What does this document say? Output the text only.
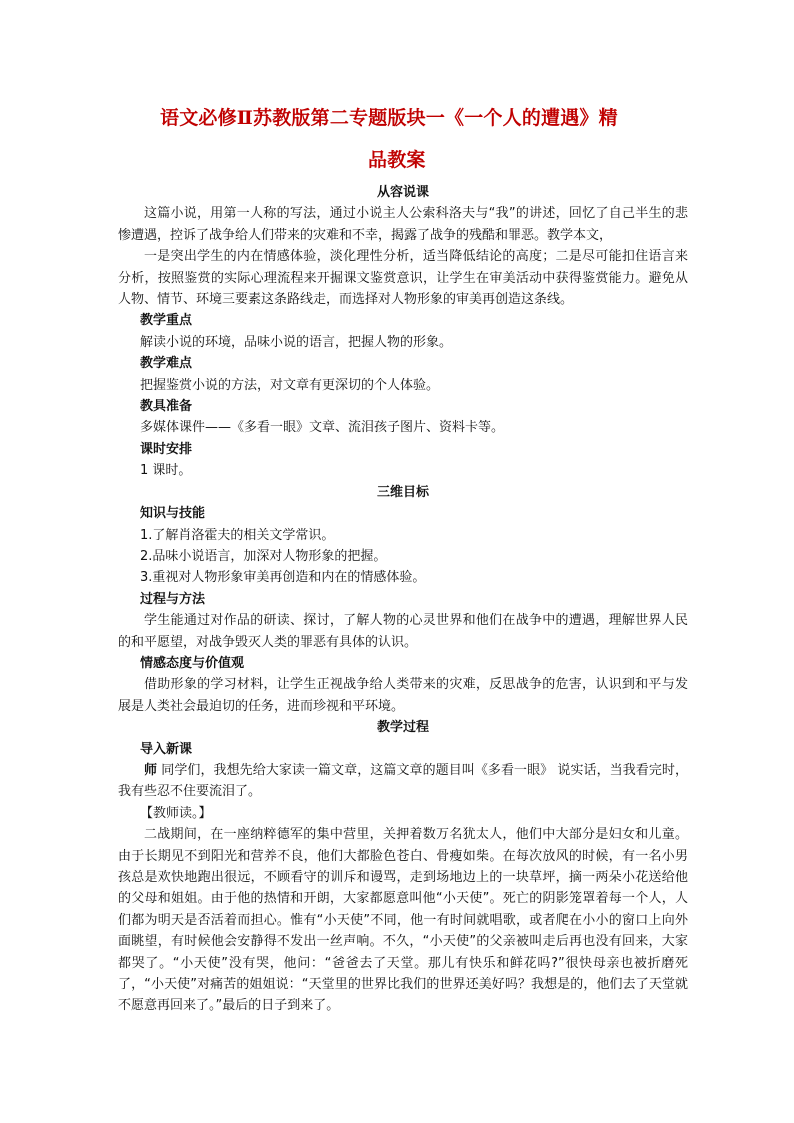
语文必修Ⅱ苏教版第二专题版块一《一个人的遭遇》精
品教案

从容说课

这篇小说，用第一人称的写法，通过小说主人公索科洛夫与“我”的讲述，回忆了自己半生的悲惨遭遇，控诉了战争给人们带来的灾难和不幸，揭露了战争的残酷和罪恶。教学本文，

一是突出学生的内在情感体验，淡化理性分析，适当降低结论的高度；二是尽可能扣住语言来分析，按照鉴赏的实际心理流程来开掘课文鉴赏意识，让学生在审美活动中获得鉴赏能力。避免从人物、情节、环境三要素这条路线走，而选择对人物形象的审美再创造这条线。

教学重点

解读小说的环境，品味小说的语言，把握人物的形象。

教学难点

把握鉴赏小说的方法，对文章有更深切的个人体验。

教具准备

多媒体课件——《多看一眼》文章、流泪孩子图片、资料卡等。

课时安排

1 课时。

三维目标

知识与技能

1.了解肖洛霍夫的相关文学常识。

2.品味小说语言，加深对人物形象的把握。

3.重视对人物形象审美再创造和内在的情感体验。

过程与方法

学生能通过对作品的研读、探讨，了解人物的心灵世界和他们在战争中的遭遇，理解世界人民的和平愿望，对战争毁灭人类的罪恶有具体的认识。

情感态度与价值观

借助形象的学习材料，让学生正视战争给人类带来的灾难，反思战争的危害，认识到和平与发展是人类社会最迫切的任务，进而珍视和平环境。

教学过程

导入新课

师 同学们，我想先给大家读一篇文章，这篇文章的题目叫《多看一眼》 说实话，当我看完时，我有些忍不住要流泪了。

【教师读。】

二战期间，在一座纳粹德军的集中营里，关押着数万名犹太人，他们中大部分是妇女和儿童。由于长期见不到阳光和营养不良，他们大都脸色苍白、骨瘦如柴。在每次放风的时候，有一名小男孩总是欢快地跑出很远，不顾看守的训斥和谩骂，走到场地边上的一块草坪，摘一两朵小花送给他的父母和姐姐。由于他的热情和开朗，大家都愿意叫他“小天使”。死亡的阴影笼罩着每一个人，人们都为明天是否活着而担心。惟有“小天使”不同，他一有时间就唱歌，或者爬在小小的窗口上向外面眺望，有时候他会安静得不发出一丝声响。不久，“小天使”的父亲被叫走后再也没有回来，大家都哭了。“小天使”没有哭，他问：“爸爸去了天堂。那儿有快乐和鲜花吗?”很快母亲也被折磨死了，“小天使”对痛苦的姐姐说：“天堂里的世界比我们的世界还美好吗？我想是的，他们去了天堂就不愿意再回来了。”最后的日子到来了。
